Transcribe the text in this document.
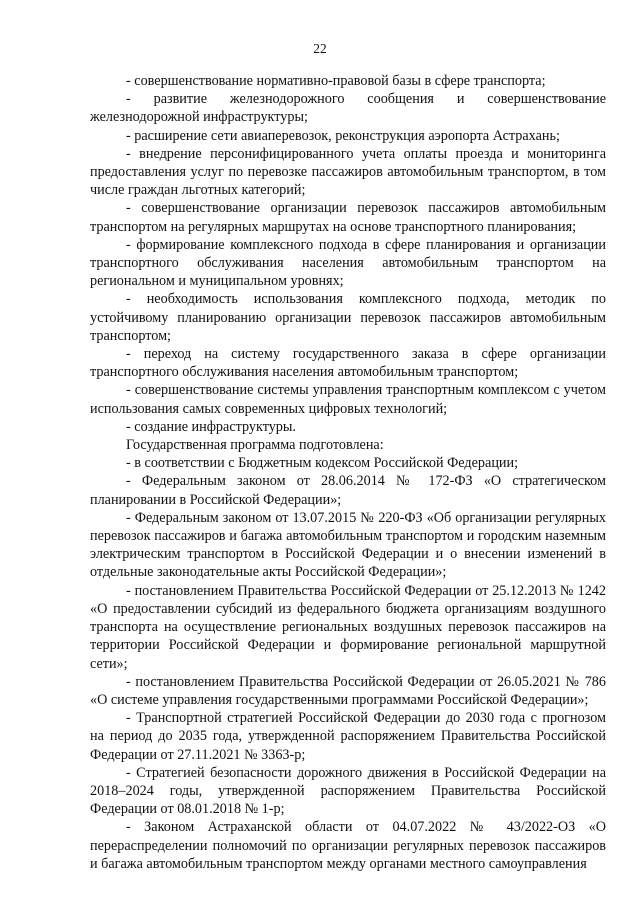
22

- совершенствование нормативно-правовой базы в сфере транспорта;

- развитие железнодорожного сообщения и совершенствование железнодорожной инфраструктуры;

- расширение сети авиаперевозок, реконструкция аэропорта Астрахань;

- внедрение персонифицированного учета оплаты проезда и мониторинга предоставления услуг по перевозке пассажиров автомобильным транспортом, в том числе граждан льготных категорий;

- совершенствование организации перевозок пассажиров автомобильным транспортом на регулярных маршрутах на основе транспортного планирования;

- формирование комплексного подхода в сфере планирования и организации транспортного обслуживания населения автомобильным транспортом на региональном и муниципальном уровнях;

- необходимость использования комплексного подхода, методик по устойчивому планированию организации перевозок пассажиров автомобильным транспортом;

- переход на систему государственного заказа в сфере организации транспортного обслуживания населения автомобильным транспортом;

- совершенствование системы управления транспортным комплексом с учетом использования самых современных цифровых технологий;

- создание инфраструктуры.

Государственная программа подготовлена:

- в соответствии с Бюджетным кодексом Российской Федерации;

- Федеральным законом от 28.06.2014 № 172-ФЗ «О стратегическом планировании в Российской Федерации»;

- Федеральным законом от 13.07.2015 № 220-ФЗ «Об организации регулярных перевозок пассажиров и багажа автомобильным транспортом и городским наземным электрическим транспортом в Российской Федерации и о внесении изменений в отдельные законодательные акты Российской Федерации»;

- постановлением Правительства Российской Федерации от 25.12.2013 № 1242 «О предоставлении субсидий из федерального бюджета организациям воздушного транспорта на осуществление региональных воздушных перевозок пассажиров на территории Российской Федерации и формирование региональной маршрутной сети»;

- постановлением Правительства Российской Федерации от 26.05.2021 № 786 «О системе управления государственными программами Российской Федерации»;

- Транспортной стратегией Российской Федерации до 2030 года с прогнозом на период до 2035 года, утвержденной распоряжением Правительства Российской Федерации от 27.11.2021 № 3363-р;

- Стратегией безопасности дорожного движения в Российской Федерации на 2018–2024 годы, утвержденной распоряжением Правительства Российской Федерации от 08.01.2018 № 1-р;

- Законом Астраханской области от 04.07.2022 № 43/2022-ОЗ «О перераспределении полномочий по организации регулярных перевозок пассажиров и багажа автомобильным транспортом между органами местного самоуправления
